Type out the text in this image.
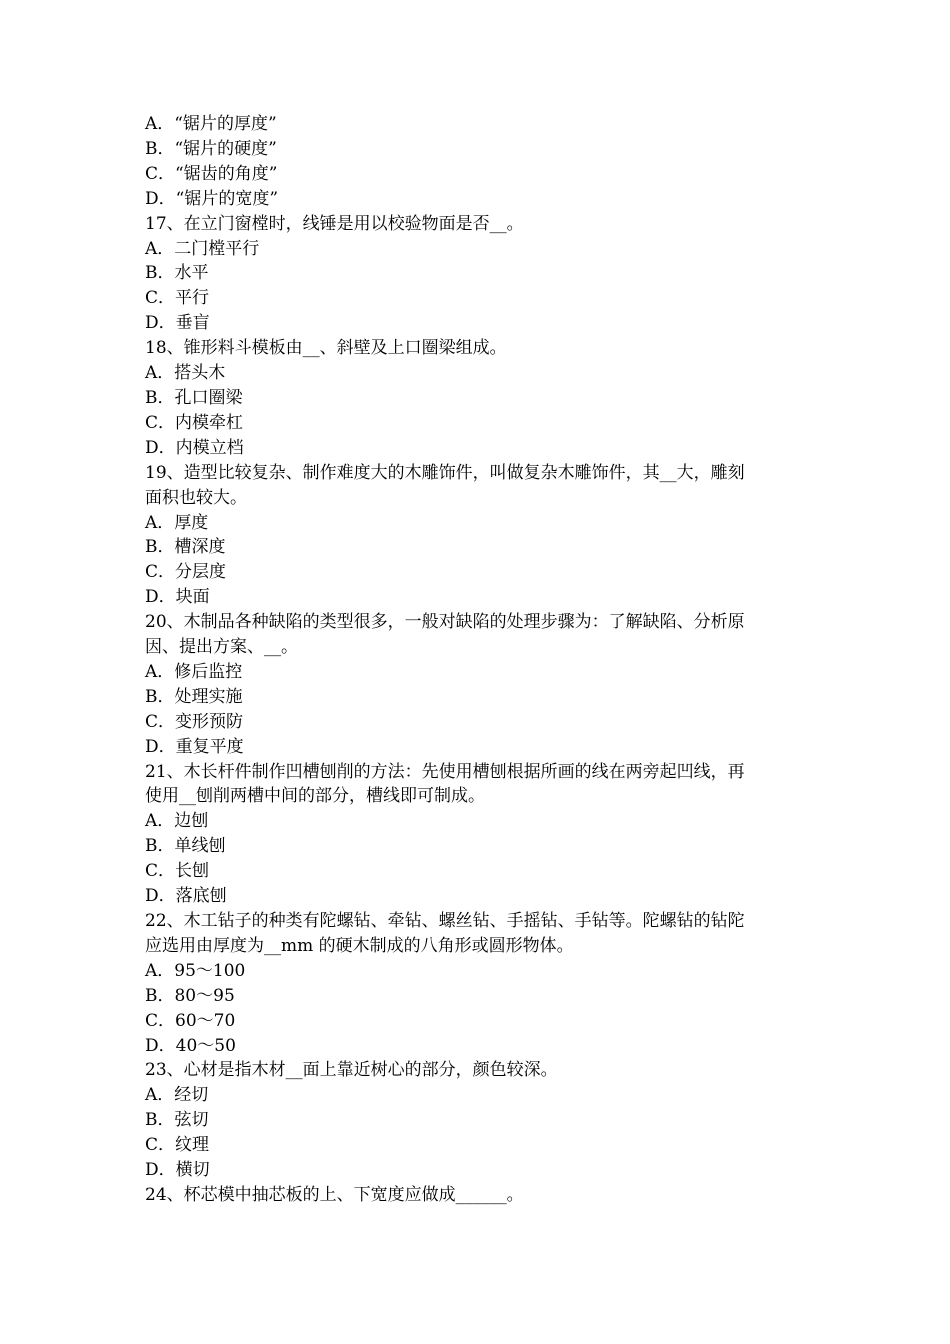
A．“锯片的厚度”

B．“锯片的硬度”

C．“锯齿的角度”

D．“锯片的宽度”

17、在立门窗樘时，线锤是用以校验物面是否__。

A．二门樘平行

B．水平

C．平行

D．垂盲

18、锥形料斗模板由__、斜壁及上口圈梁组成。

A．搭头木

B．孔口圈梁

C．内模牵杠

D．内模立档

19、造型比较复杂、制作难度大的木雕饰件，叫做复杂木雕饰件，其__大，雕刻

面积也较大。

A．厚度

B．槽深度

C．分层度

D．块面

20、木制品各种缺陷的类型很多，一般对缺陷的处理步骤为：了解缺陷、分析原

因、提出方案、__。

A．修后监控

B．处理实施

C．变形预防

D．重复平度

21、木长杆件制作凹槽刨削的方法：先使用槽刨根据所画的线在两旁起凹线，再

使用__刨削两槽中间的部分，槽线即可制成。

A．边刨

B．单线刨

C．长刨

D．落底刨

22、木工钻子的种类有陀螺钻、牵钻、螺丝钻、手摇钻、手钻等。陀螺钻的钻陀

应选用由厚度为__mm 的硬木制成的八角形或圆形物体。

A．95～100

B．80～95

C．60～70

D．40～50

23、心材是指木材__面上靠近树心的部分，颜色较深。

A．经切

B．弦切

C．纹理

D．横切

24、杯芯模中抽芯板的上、下宽度应做成______。
